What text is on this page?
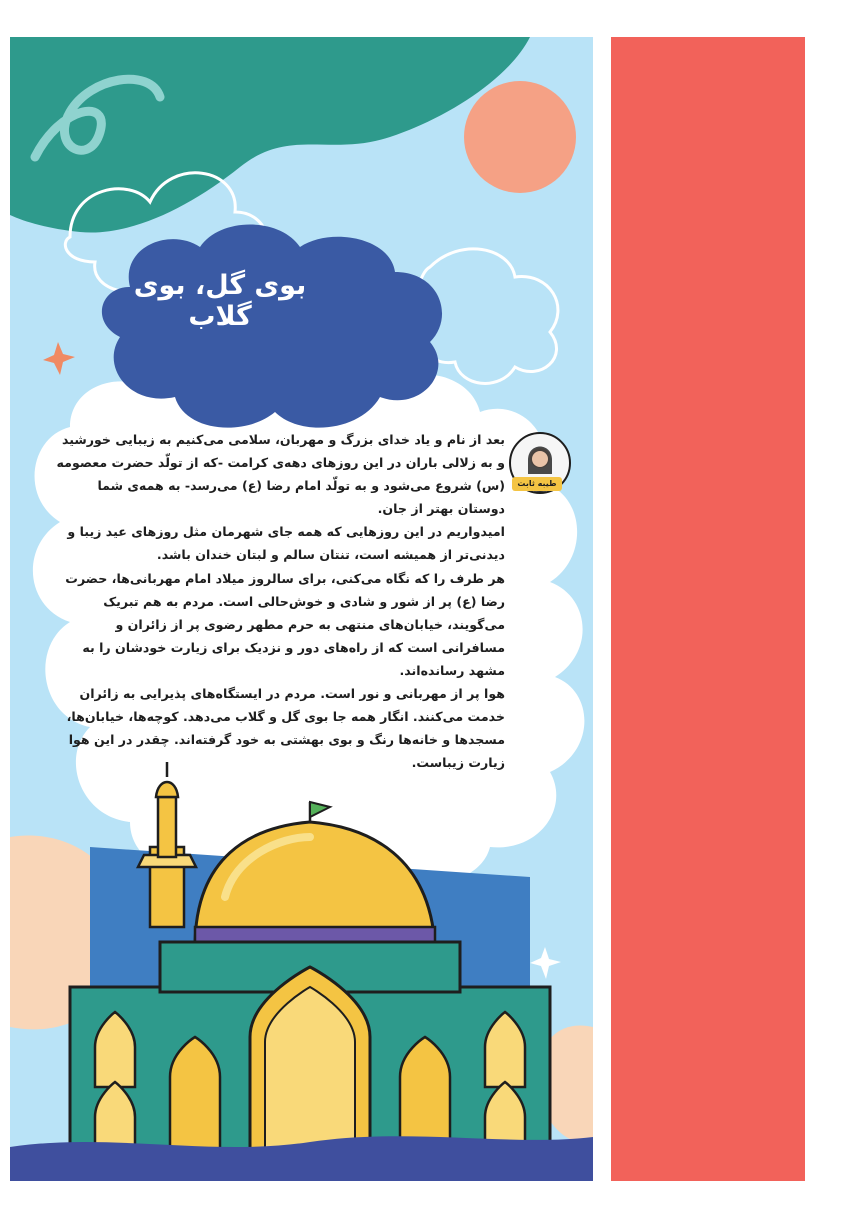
بوی گل، بوی گلاب
طیبه ثابت

بعد از نام و یاد خدای بزرگ و مهربان، سلامی می‌کنیم به زیبایی خورشید و به زلالی باران در این روزهای دهه‌ی کرامت -که از تولّد حضرت معصومه (س) شروع می‌شود و به تولّد امام رضا (ع) می‌رسد- به همه‌ی شما دوستان بهتر از جان.

امیدواریم در این روزهایی که همه جای شهرمان مثل روزهای عید زیبا و دیدنی‌تر از همیشه است، تنتان سالم و لبتان خندان باشد.

هر طرف را که نگاه می‌کنی، برای سالروز میلاد امام مهربانی‌ها، حضرت رضا (ع) پر از شور و شادی و خوش‌حالی است. مردم به هم تبریک می‌گویند، خیابان‌های منتهی به حرم مطهر رضوی پر از زائران و مسافرانی است که از راه‌های دور و نزدیک برای زیارت خودشان را به مشهد رسانده‌اند.

هوا پر از مهربانی و نور است. مردم در ایستگاه‌های پذیرایی به زائران خدمت می‌کنند. انگار همه جا بوی گل و گلاب می‌دهد. کوچه‌ها، خیابان‌ها، مسجدها و خانه‌ها رنگ و بوی بهشتی به خود گرفته‌اند. چقدر در این هوا زیارت زیباست.
